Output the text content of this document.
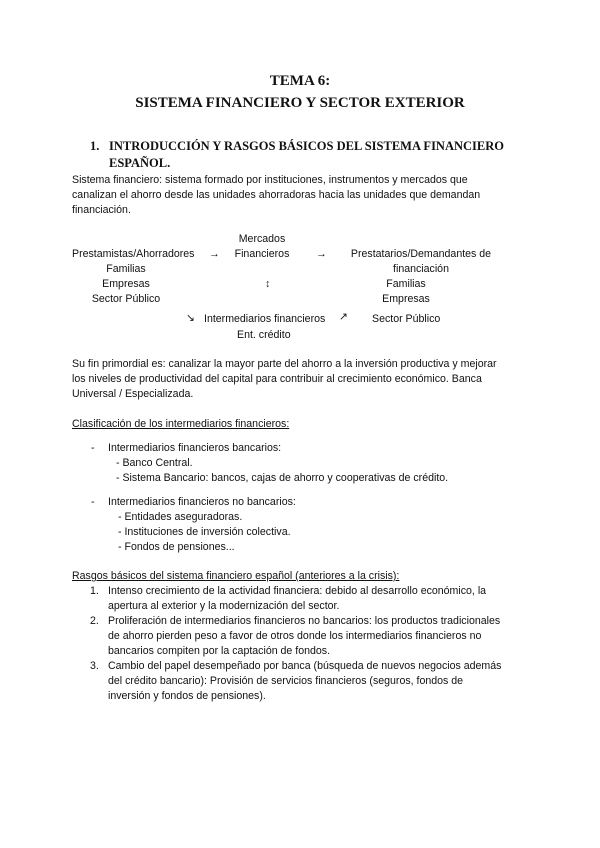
TEMA 6:
SISTEMA FINANCIERO Y SECTOR EXTERIOR
1. INTRODUCCIÓN Y RASGOS BÁSICOS DEL SISTEMA FINANCIERO
ESPAÑOL.
Sistema financiero: sistema formado por instituciones, instrumentos y mercados que
canalizan el ahorro desde las unidades ahorradoras hacia las unidades que demandan
financiación.
Mercados
Financieros
Prestamistas/Ahorradores →	→	Prestatarios/Demandantes de
financiación
Familias
Empresas
Sector Público
↕	Familias
Empresas
↘ Intermediarios financieros ↗ Sector Público
Ent. crédito
Su fin primordial es: canalizar la mayor parte del ahorro a la inversión productiva y mejorar
los niveles de productividad del capital para contribuir al crecimiento económico. Banca
Universal / Especializada.
Clasificación de los intermediarios financieros:
- Intermediarios financieros bancarios:
- Banco Central.
- Sistema Bancario: bancos, cajas de ahorro y cooperativas de crédito.
- Intermediarios financieros no bancarios:
- Entidades aseguradoras.
- Instituciones de inversión colectiva.
- Fondos de pensiones...
Rasgos básicos del sistema financiero español (anteriores a la crisis):
1. Intenso crecimiento de la actividad financiera: debido al desarrollo económico, la
apertura al exterior y la modernización del sector.
2. Proliferación de intermediarios financieros no bancarios: los productos tradicionales
de ahorro pierden peso a favor de otros donde los intermediarios financieros no
bancarios compiten por la captación de fondos.
3. Cambio del papel desempeñado por banca (búsqueda de nuevos negocios además
del crédito bancario): Provisión de servicios financieros (seguros, fondos de
inversión y fondos de pensiones).
